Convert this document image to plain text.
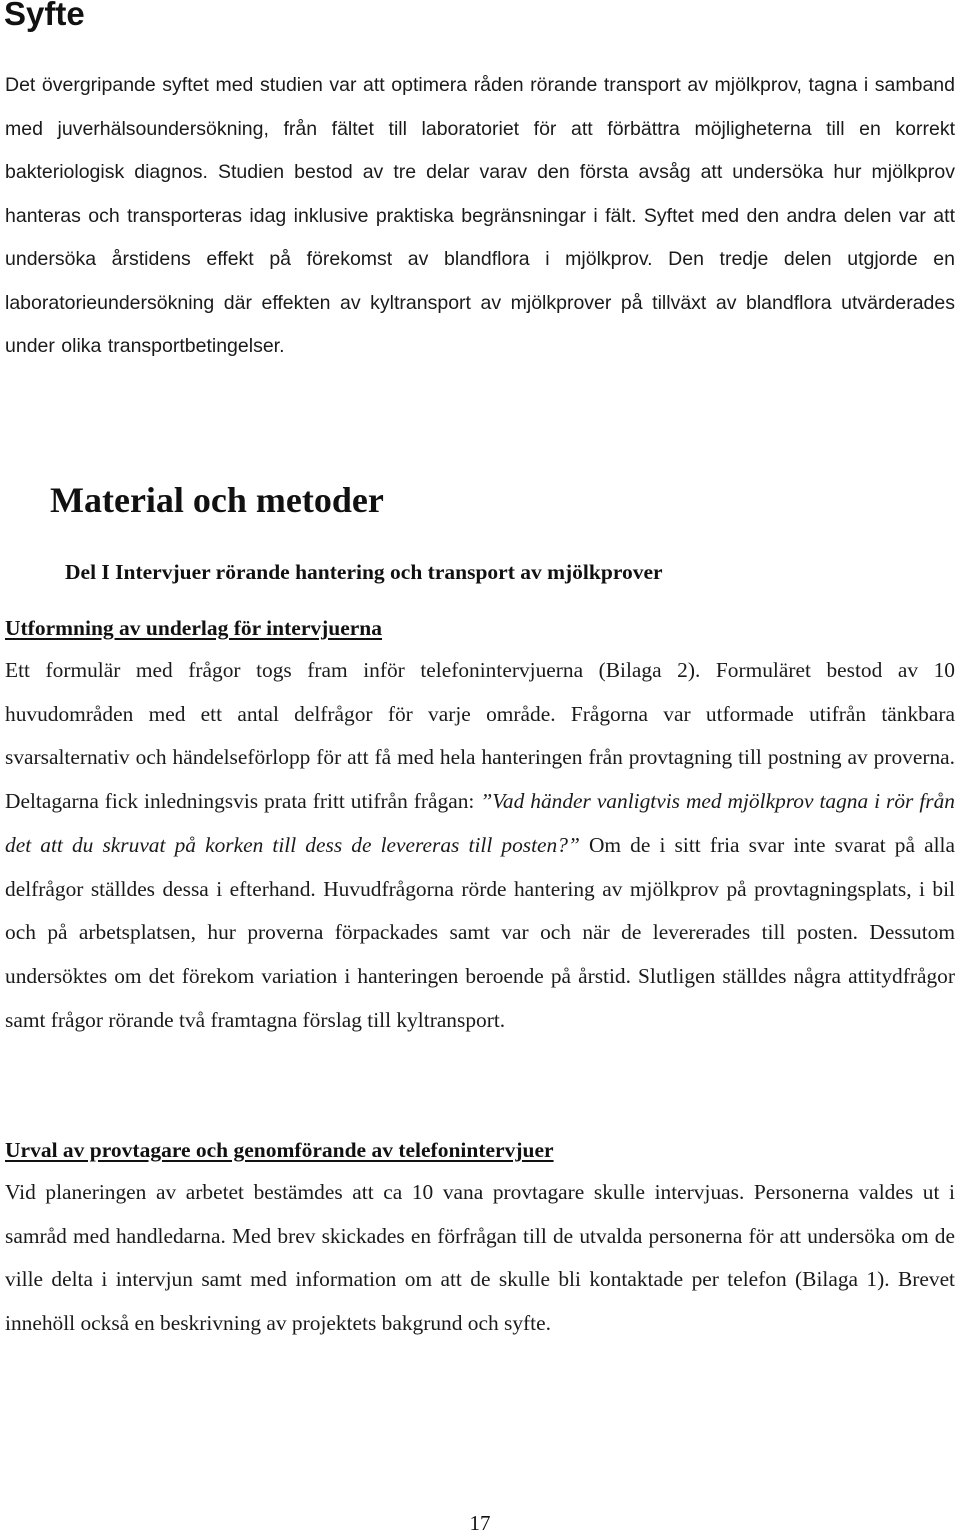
Syfte

Det övergripande syftet med studien var att optimera råden rörande transport av mjölkprov, tagna i samband med juverhälsoundersökning, från fältet till laboratoriet för att förbättra möjligheterna till en korrekt bakteriologisk diagnos. Studien bestod av tre delar varav den första avsåg att undersöka hur mjölkprov hanteras och transporteras idag inklusive praktiska begränsningar i fält. Syftet med den andra delen var att undersöka årstidens effekt på förekomst av blandflora i mjölkprov. Den tredje delen utgjorde en laboratorieundersökning där effekten av kyltransport av mjölkprover på tillväxt av blandflora utvärderades under olika transportbetingelser.

Material och metoder
Del I Intervjuer rörande hantering och transport av mjölkprover
Utformning av underlag för intervjuerna

Ett formulär med frågor togs fram inför telefonintervjuerna (Bilaga 2). Formuläret bestod av 10 huvudområden med ett antal delfrågor för varje område. Frågorna var utformade utifrån tänkbara svarsalternativ och händelseförlopp för att få med hela hanteringen från provtagning till postning av proverna. Deltagarna fick inledningsvis prata fritt utifrån frågan: ”Vad händer vanligtvis med mjölkprov tagna i rör från det att du skruvat på korken till dess de levereras till posten?” Om de i sitt fria svar inte svarat på alla delfrågor ställdes dessa i efterhand. Huvudfrågorna rörde hantering av mjölkprov på provtagningsplats, i bil och på arbetsplatsen, hur proverna förpackades samt var och när de levererades till posten. Dessutom undersöktes om det förekom variation i hanteringen beroende på årstid. Slutligen ställdes några attitydfrågor samt frågor rörande två framtagna förslag till kyltransport.

Urval av provtagare och genomförande av telefonintervjuer

Vid planeringen av arbetet bestämdes att ca 10 vana provtagare skulle intervjuas. Personerna valdes ut i samråd med handledarna. Med brev skickades en förfrågan till de utvalda personerna för att undersöka om de ville delta i intervjun samt med information om att de skulle bli kontaktade per telefon (Bilaga 1). Brevet innehöll också en beskrivning av projektets bakgrund och syfte.

17
